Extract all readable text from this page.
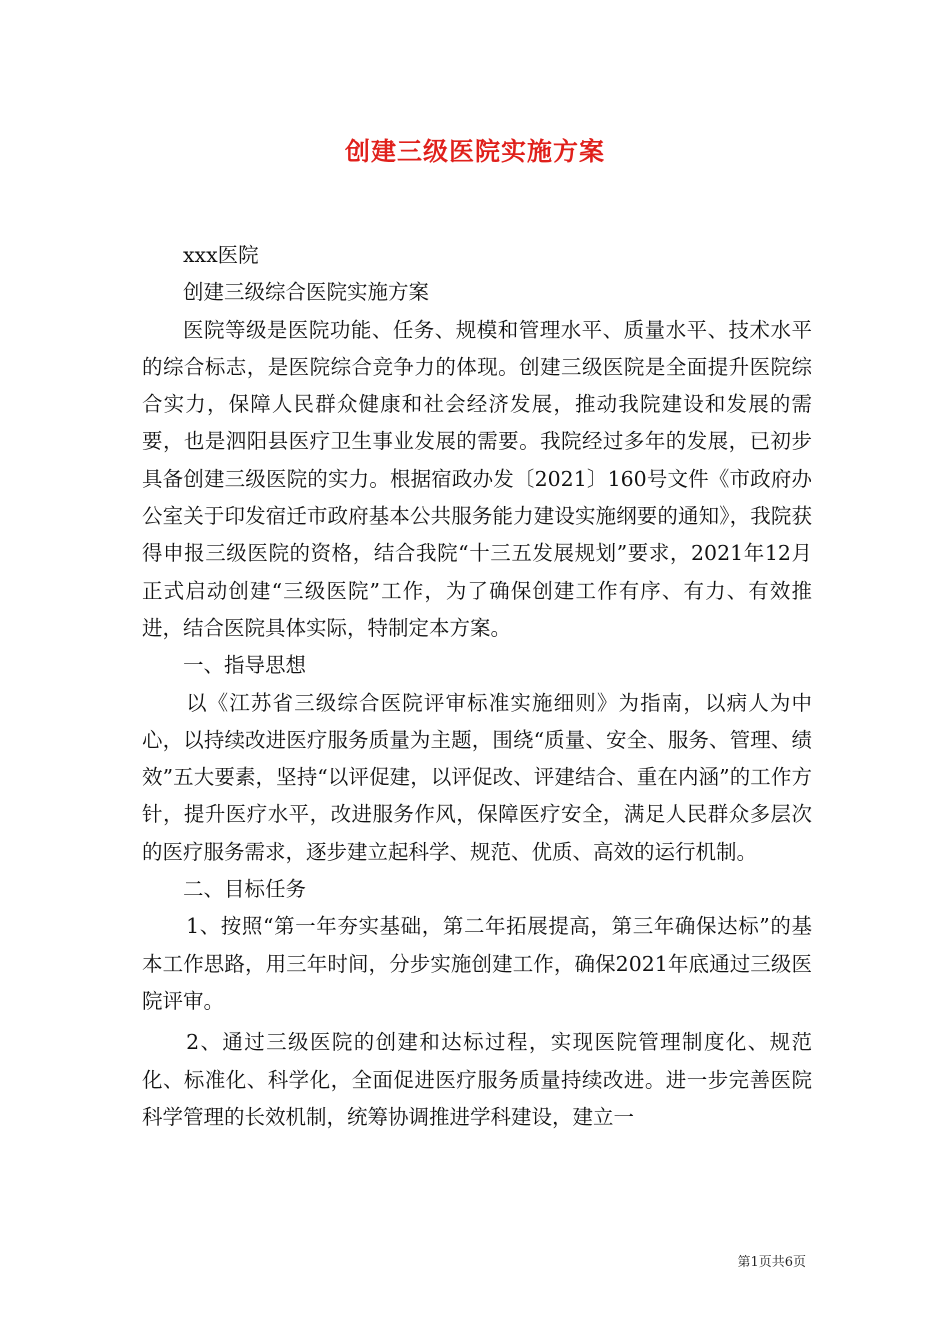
创建三级医院实施方案

xxx医院

创建三级综合医院实施方案

医院等级是医院功能、任务、规模和管理水平、质量水平、技术水平的综合标志，是医院综合竞争力的体现。创建三级医院是全面提升医院综合实力，保障人民群众健康和社会经济发展，推动我院建设和发展的需要，也是泗阳县医疗卫生事业发展的需要。我院经过多年的发展，已初步具备创建三级医院的实力。根据宿政办发〔2021〕160号文件《市政府办公室关于印发宿迁市政府基本公共服务能力建设实施纲要的通知》，我院获得申报三级医院的资格，结合我院“十三五发展规划”要求，2021年12月正式启动创建“三级医院”工作，为了确保创建工作有序、有力、有效推进，结合医院具体实际，特制定本方案。

一、指导思想

以《江苏省三级综合医院评审标准实施细则》为指南，以病人为中心，以持续改进医疗服务质量为主题，围绕“质量、安全、服务、管理、绩效”五大要素，坚持“以评促建，以评促改、评建结合、重在内涵”的工作方针，提升医疗水平，改进服务作风，保障医疗安全，满足人民群众多层次的医疗服务需求，逐步建立起科学、规范、优质、高效的运行机制。

二、目标任务

1、按照“第一年夯实基础，第二年拓展提高，第三年确保达标”的基本工作思路，用三年时间，分步实施创建工作，确保2021年底通过三级医院评审。

2、通过三级医院的创建和达标过程，实现医院管理制度化、规范化、标准化、科学化，全面促进医疗服务质量持续改进。进一步完善医院科学管理的长效机制，统筹协调推进学科建设，建立一

第1页共6页
